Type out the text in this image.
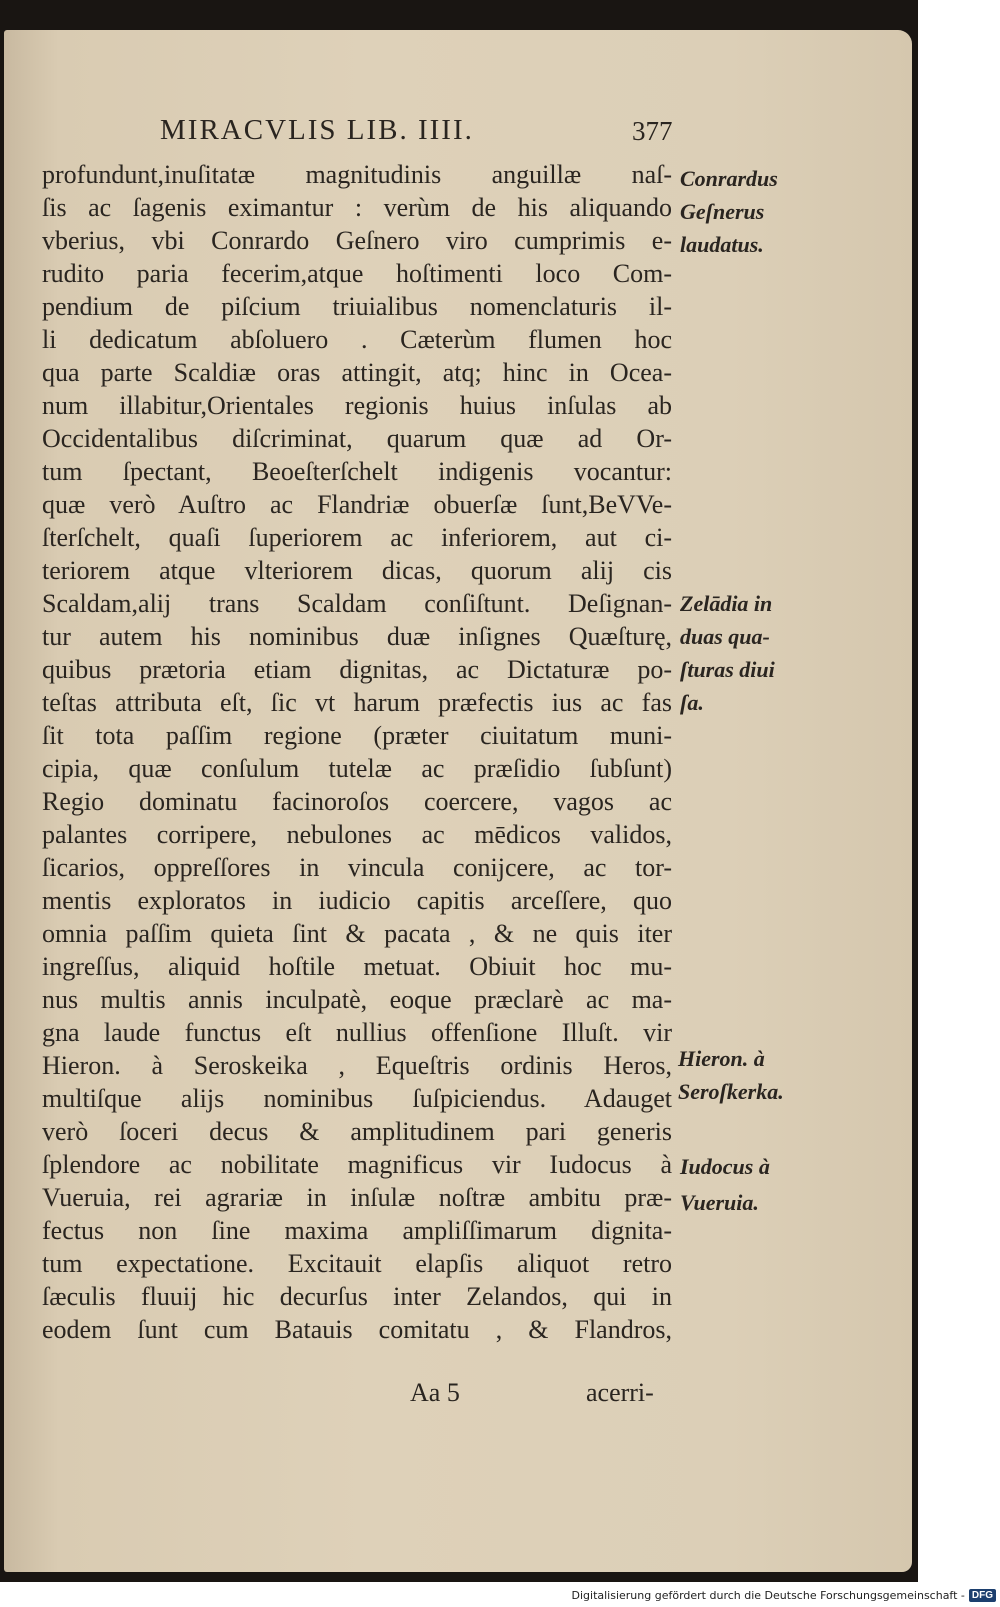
MIRACVLIS LIB. IIII.	377
profundunt,inuſitatæ magnitudinis anguillæ naſ-
ſis ac ſagenis eximantur : verùm de his aliquando
vberius, vbi Conrardo Geſnero viro cumprimis e-
rudito paria fecerim,atque hoſtimenti loco Com-
pendium de piſcium triuialibus nomenclaturis il-
li dedicatum abſoluero . Cæterùm flumen hoc
qua parte Scaldiæ oras attingit, atq; hinc in Ocea-
num illabitur,Orientales regionis huius inſulas ab
Occidentalibus diſcriminat, quarum quæ ad Or-
tum ſpectant, Beoeſterſchelt indigenis vocantur:
quæ verò Auſtro ac Flandriæ obuerſæ ſunt,BeVVe-
ſterſchelt, quaſi ſuperiorem ac inferiorem, aut ci-
teriorem atque vlteriorem dicas, quorum alij cis
Scaldam,alij trans Scaldam conſiſtunt. Deſignan-
tur autem his nominibus duæ inſignes Quæſturę,
quibus prætoria etiam dignitas, ac Dictaturæ po-
teſtas attributa eſt, ſic vt harum præfectis ius ac fas
ſit tota paſſim regione (præter ciuitatum muni-
cipia, quæ conſulum tutelæ ac præſidio ſubſunt)
Regio dominatu facinoroſos coercere, vagos ac
palantes corripere, nebulones ac mēdicos validos,
ſicarios, oppreſſores in vincula conijcere, ac tor-
mentis exploratos in iudicio capitis arceſſere, quo
omnia paſſim quieta ſint & pacata , & ne quis iter
ingreſſus, aliquid hoſtile metuat. Obiuit hoc mu-
nus multis annis inculpatè, eoque præclarè ac ma-
gna laude functus eſt nullius offenſione Illuſt. vir
Hieron. à Seroskeika , Equeſtris ordinis Heros,
multiſque alijs nominibus ſuſpiciendus. Adauget
verò ſoceri decus & amplitudinem pari generis
ſplendore ac nobilitate magnificus vir Iudocus à
Vueruia, rei agrariæ in inſulæ noſtræ ambitu præ-
fectus non ſine maxima ampliſſimarum dignita-
tum expectatione. Excitauit elapſis aliquot retro
ſæculis fluuij hic decurſus inter Zelandos, qui in
eodem ſunt cum Batauis comitatu , & Flandros,
Conrardus
Geſnerus
laudatus.
Zelādia in
duas qua-
ſturas diui
ſa.
Hieron. à
Seroſkerka.
Iudocus à
Vueruia.
Aa 5	acerri-
Digitalisierung gefördert durch die Deutsche Forschungsgemeinschaft - DFG
